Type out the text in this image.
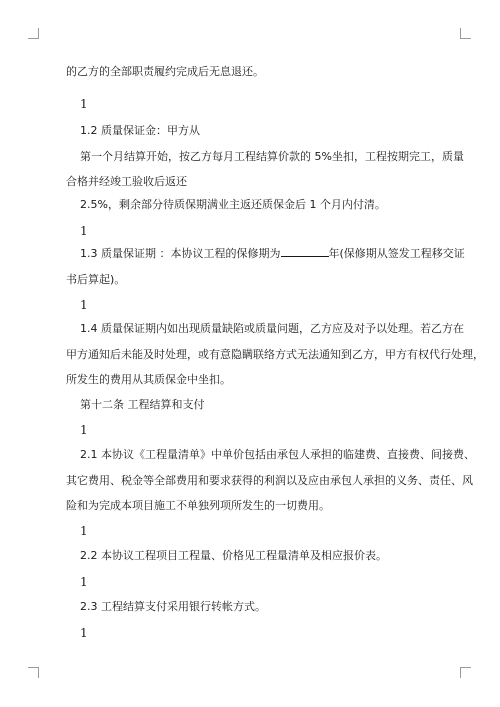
的乙方的全部职责履约完成后无息退还。
1
1.2 质量保证金：甲方从
第一个月结算开始，按乙方每月工程结算价款的 5%坐扣，工程按期完工，质量
合格并经竣工验收后返还
2.5%，剩余部分待质保期满业主返还质保金后 1 个月内付清。
1
1.3 质量保证期 ：本协议工程的保修期为	年(保修期从签发工程移交证
书后算起)。
1
1.4 质量保证期内如出现质量缺陷或质量问题，乙方应及对予以处理。若乙方在
甲方通知后未能及时处理，或有意隐瞒联络方式无法通知到乙方，甲方有权代行处理，
所发生的费用从其质保金中坐扣。
第十二条 工程结算和支付
1
2.1 本协议《工程量清单》中单价包括由承包人承担的临建费、直接费、间接费、
其它费用、税金等全部费用和要求获得的利润以及应由承包人承担的义务、责任、风
险和为完成本项目施工不单独列项所发生的一切费用。
1
2.2 本协议工程项目工程量、价格见工程量清单及相应报价表。
1
2.3 工程结算支付采用银行转帐方式。
1
